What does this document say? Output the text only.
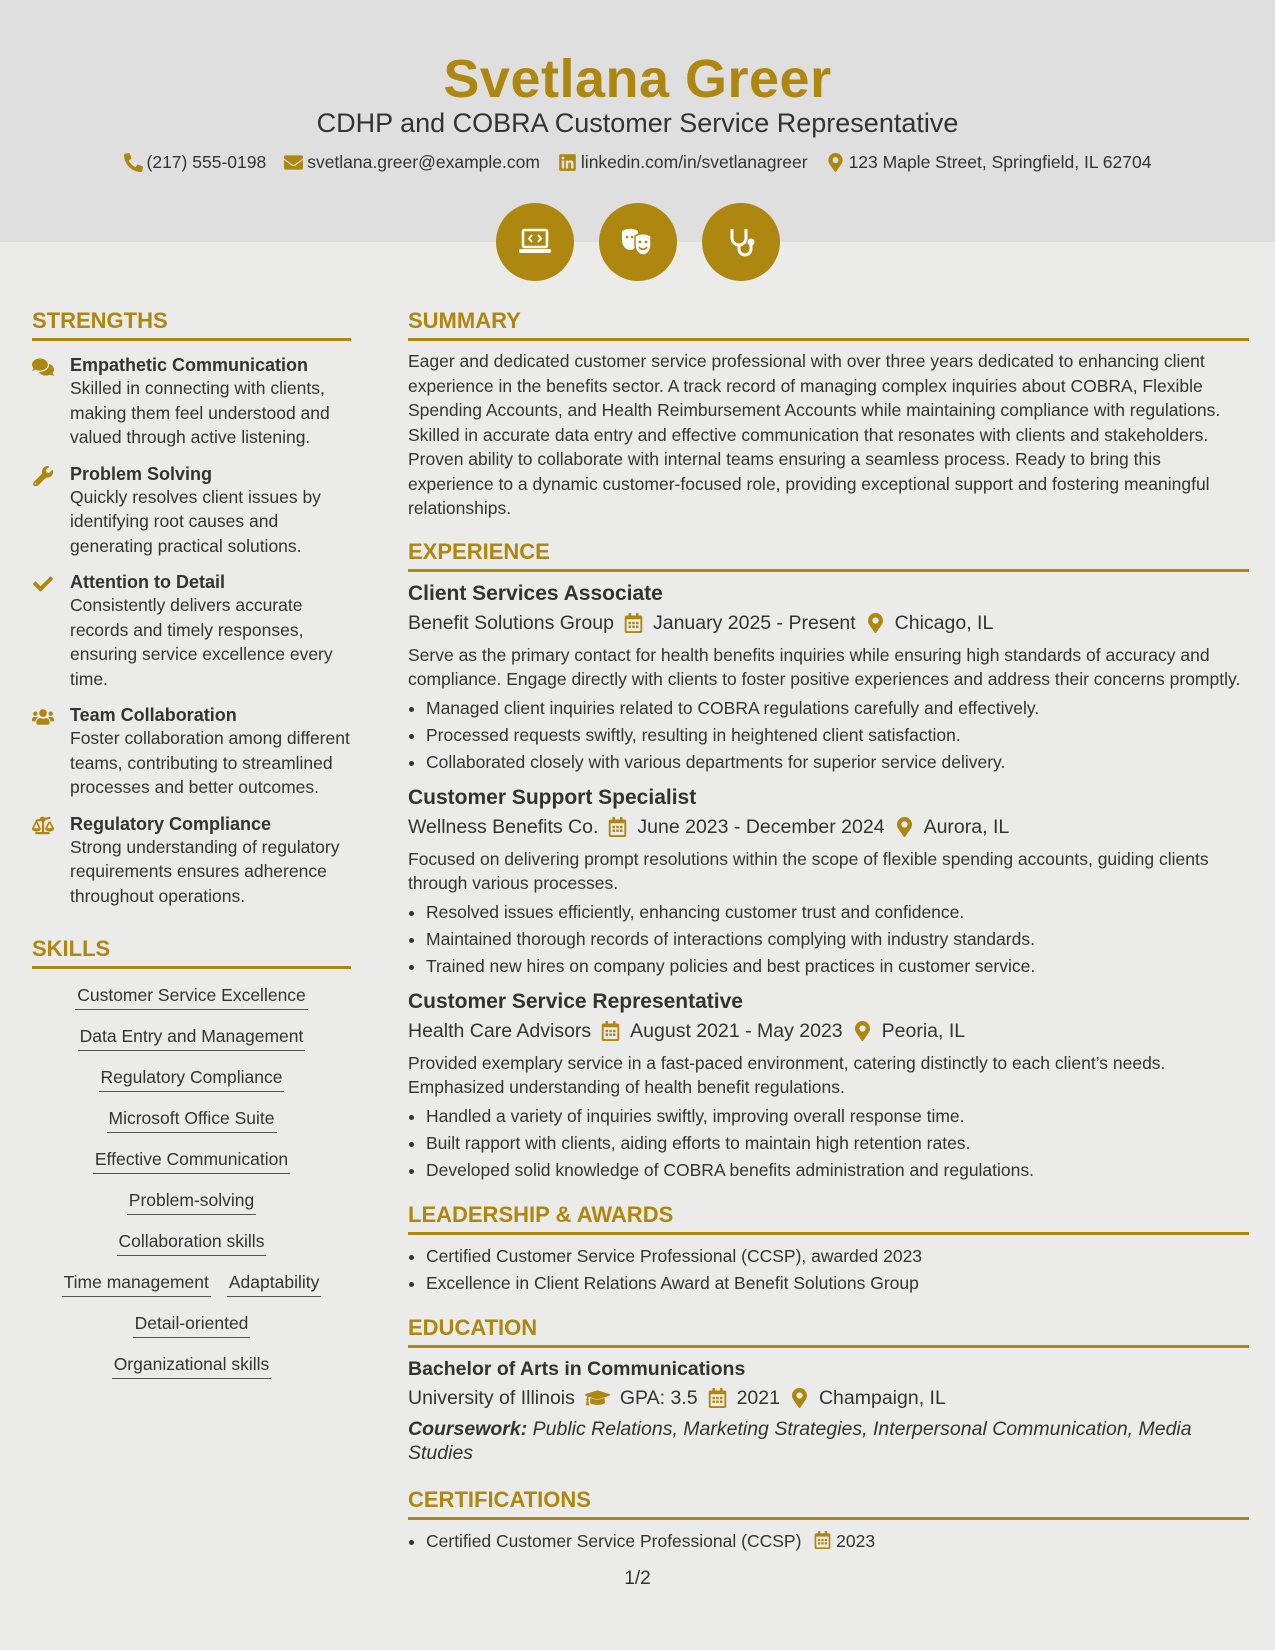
Svetlana Greer
CDHP and COBRA Customer Service Representative
(217) 555-0198 svetlana.greer@example.com linkedin.com/in/svetlanagreer 123 Maple Street, Springfield, IL 62704
STRENGTHS
Empathetic Communication
Skilled in connecting with clients, making them feel understood and valued through active listening.
Problem Solving
Quickly resolves client issues by identifying root causes and generating practical solutions.
Attention to Detail
Consistently delivers accurate records and timely responses, ensuring service excellence every time.
Team Collaboration
Foster collaboration among different teams, contributing to streamlined processes and better outcomes.
Regulatory Compliance
Strong understanding of regulatory requirements ensures adherence throughout operations.
SKILLS
Customer Service Excellence
Data Entry and Management
Regulatory Compliance
Microsoft Office Suite
Effective Communication
Problem-solving
Collaboration skills
Time management Adaptability
Detail-oriented
Organizational skills
SUMMARY
Eager and dedicated customer service professional with over three years dedicated to enhancing client experience in the benefits sector. A track record of managing complex inquiries about COBRA, Flexible Spending Accounts, and Health Reimbursement Accounts while maintaining compliance with regulations. Skilled in accurate data entry and effective communication that resonates with clients and stakeholders. Proven ability to collaborate with internal teams ensuring a seamless process. Ready to bring this experience to a dynamic customer-focused role, providing exceptional support and fostering meaningful relationships.
EXPERIENCE
Client Services Associate
Benefit Solutions Group January 2025 - Present Chicago, IL
Serve as the primary contact for health benefits inquiries while ensuring high standards of accuracy and compliance. Engage directly with clients to foster positive experiences and address their concerns promptly.
• Managed client inquiries related to COBRA regulations carefully and effectively.
• Processed requests swiftly, resulting in heightened client satisfaction.
• Collaborated closely with various departments for superior service delivery.
Customer Support Specialist
Wellness Benefits Co. June 2023 - December 2024 Aurora, IL
Focused on delivering prompt resolutions within the scope of flexible spending accounts, guiding clients through various processes.
• Resolved issues efficiently, enhancing customer trust and confidence.
• Maintained thorough records of interactions complying with industry standards.
• Trained new hires on company policies and best practices in customer service.
Customer Service Representative
Health Care Advisors August 2021 - May 2023 Peoria, IL
Provided exemplary service in a fast-paced environment, catering distinctly to each client’s needs. Emphasized understanding of health benefit regulations.
• Handled a variety of inquiries swiftly, improving overall response time.
• Built rapport with clients, aiding efforts to maintain high retention rates.
• Developed solid knowledge of COBRA benefits administration and regulations.
LEADERSHIP & AWARDS
• Certified Customer Service Professional (CCSP), awarded 2023
• Excellence in Client Relations Award at Benefit Solutions Group
EDUCATION
Bachelor of Arts in Communications
University of Illinois GPA: 3.5 2021 Champaign, IL
Coursework: Public Relations, Marketing Strategies, Interpersonal Communication, Media Studies
CERTIFICATIONS
• Certified Customer Service Professional (CCSP) 2023
1/2
